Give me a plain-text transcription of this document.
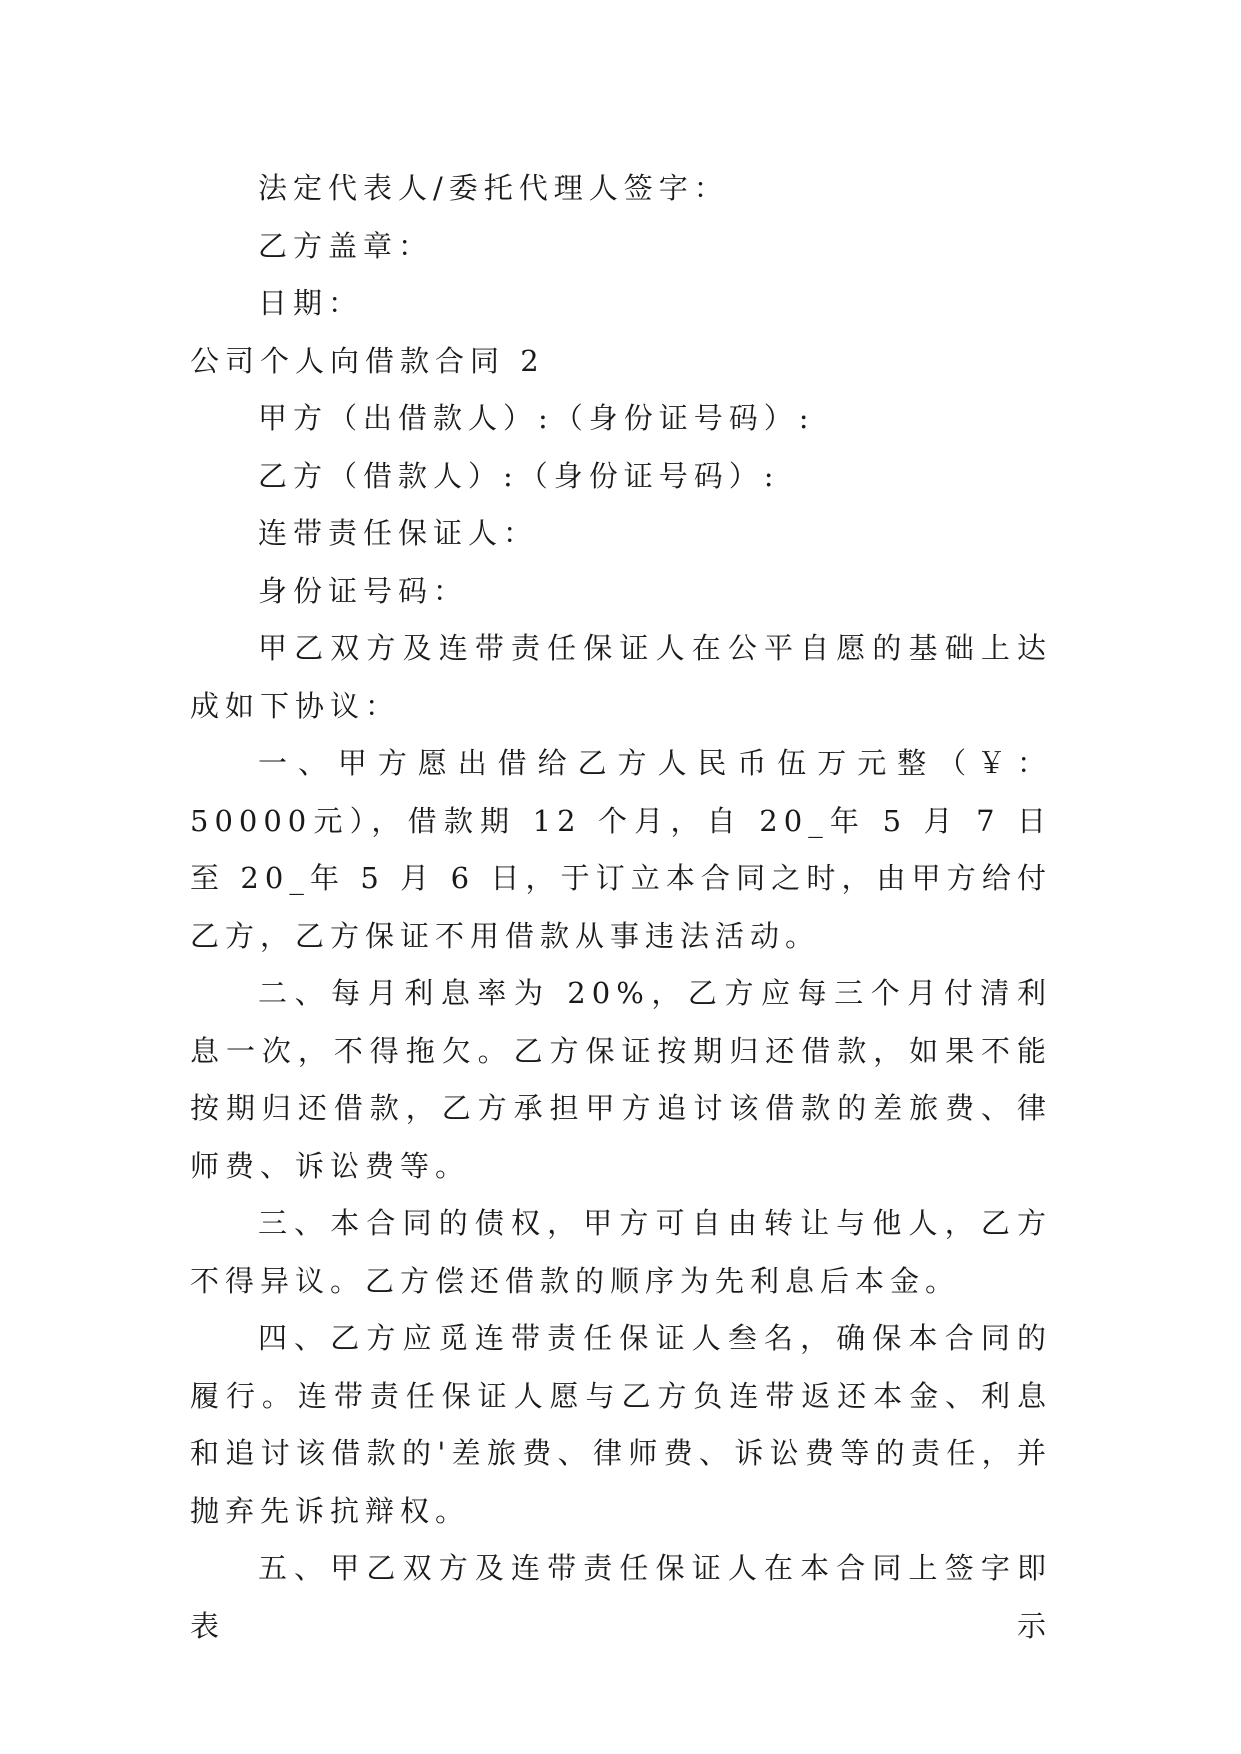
法定代表人/委托代理人签字：

乙方盖章：

日期：

公司个人向借款合同 2

甲方（出借款人）:（身份证号码）:

乙方（借款人）:（身份证号码）:

连带责任保证人：

身份证号码：

甲乙双方及连带责任保证人在公平自愿的基础上达成如下协议：

一、甲方愿出借给乙方人民币伍万元整（￥：50000元），借款期 12 个月，自 20_年 5 月 7 日至 20_年 5 月 6 日，于订立本合同之时，由甲方给付乙方，乙方保证不用借款从事违法活动。

二、每月利息率为 20%，乙方应每三个月付清利息一次，不得拖欠。乙方保证按期归还借款，如果不能按期归还借款，乙方承担甲方追讨该借款的差旅费、律师费、诉讼费等。

三、本合同的债权，甲方可自由转让与他人，乙方不得异议。乙方偿还借款的顺序为先利息后本金。

四、乙方应觅连带责任保证人叁名，确保本合同的履行。连带责任保证人愿与乙方负连带返还本金、利息和追讨该借款的'差旅费、律师费、诉讼费等的责任，并抛弃先诉抗辩权。

五、甲乙双方及连带责任保证人在本合同上签字即表示
